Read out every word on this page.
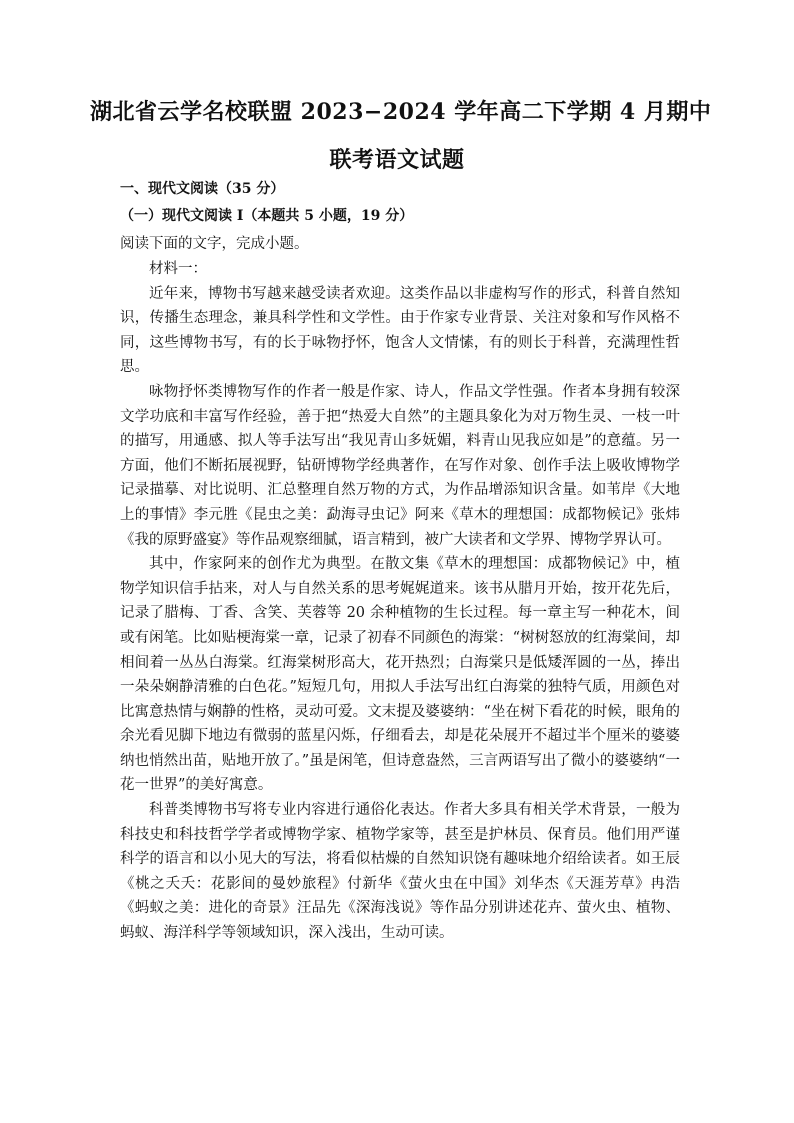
湖北省云学名校联盟 2023−2024 学年高二下学期 4 月期中
联考语文试题
一、现代文阅读（35 分）
（一）现代文阅读 I（本题共 5 小题，19 分）
阅读下面的文字，完成小题。

材料一：

近年来，博物书写越来越受读者欢迎。这类作品以非虚构写作的形式，科普自然知识，传播生态理念，兼具科学性和文学性。由于作家专业背景、关注对象和写作风格不同，这些博物书写，有的长于咏物抒怀，饱含人文情愫，有的则长于科普，充满理性哲思。

咏物抒怀类博物写作的作者一般是作家、诗人，作品文学性强。作者本身拥有较深文学功底和丰富写作经验，善于把“热爱大自然”的主题具象化为对万物生灵、一枝一叶的描写，用通感、拟人等手法写出“我见青山多妩媚，料青山见我应如是”的意蕴。另一方面，他们不断拓展视野，钻研博物学经典著作，在写作对象、创作手法上吸收博物学记录描摹、对比说明、汇总整理自然万物的方式，为作品增添知识含量。如苇岸《大地上的事情》李元胜《昆虫之美：勐海寻虫记》阿来《草木的理想国：成都物候记》张炜《我的原野盛宴》等作品观察细腻，语言精到，被广大读者和文学界、博物学界认可。

其中，作家阿来的创作尤为典型。在散文集《草木的理想国：成都物候记》中，植物学知识信手拈来，对人与自然关系的思考娓娓道来。该书从腊月开始，按开花先后，记录了腊梅、丁香、含笑、芙蓉等 20 余种植物的生长过程。每一章主写一种花木，间或有闲笔。比如贴梗海棠一章，记录了初春不同颜色的海棠：“树树怒放的红海棠间，却相间着一丛丛白海棠。红海棠树形高大，花开热烈；白海棠只是低矮浑圆的一丛，捧出一朵朵娴静清雅的白色花。”短短几句，用拟人手法写出红白海棠的独特气质，用颜色对比寓意热情与娴静的性格，灵动可爱。文末提及婆婆纳：“坐在树下看花的时候，眼角的余光看见脚下地边有微弱的蓝星闪烁，仔细看去，却是花朵展开不超过半个厘米的婆婆纳也悄然出苗，贴地开放了。”虽是闲笔，但诗意盎然，三言两语写出了微小的婆婆纳“一花一世界”的美好寓意。

科普类博物书写将专业内容进行通俗化表达。作者大多具有相关学术背景，一般为科技史和科技哲学学者或博物学家、植物学家等，甚至是护林员、保育员。他们用严谨科学的语言和以小见大的写法，将看似枯燥的自然知识饶有趣味地介绍给读者。如王辰《桃之夭夭：花影间的曼妙旅程》付新华《萤火虫在中国》刘华杰《天涯芳草》冉浩《蚂蚁之美：进化的奇景》汪品先《深海浅说》等作品分别讲述花卉、萤火虫、植物、蚂蚁、海洋科学等领域知识，深入浅出，生动可读。
